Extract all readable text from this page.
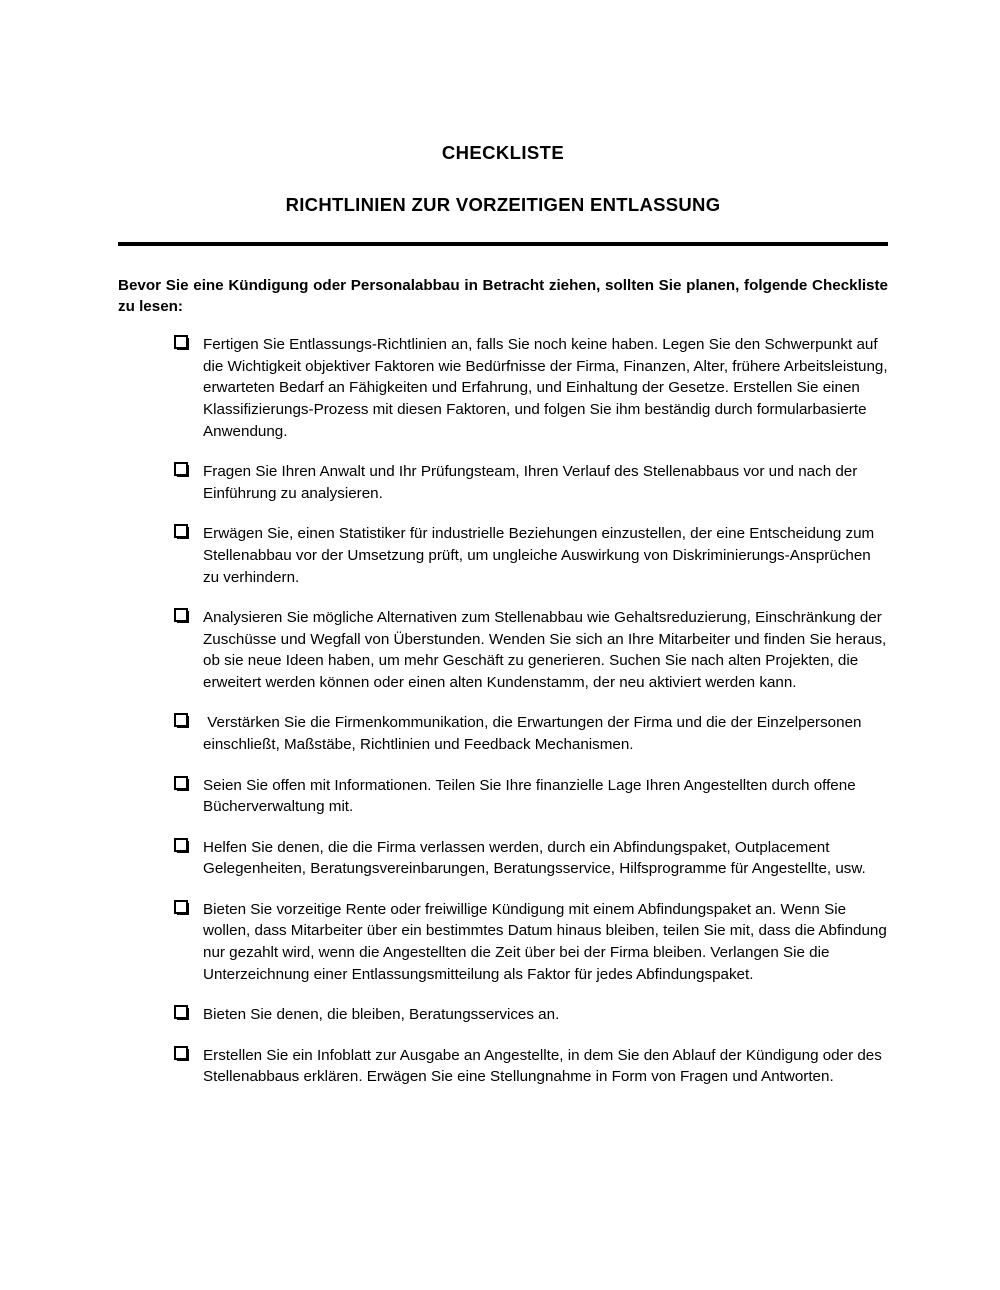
CHECKLISTE
RICHTLINIEN ZUR VORZEITIGEN ENTLASSUNG

Bevor Sie eine Kündigung oder Personalabbau in Betracht ziehen, sollten Sie planen, folgende Checkliste zu lesen:

Fertigen Sie Entlassungs-Richtlinien an, falls Sie noch keine haben. Legen Sie den Schwerpunkt auf die Wichtigkeit objektiver Faktoren wie Bedürfnisse der Firma, Finanzen, Alter, frühere Arbeitsleistung, erwarteten Bedarf an Fähigkeiten und Erfahrung, und Einhaltung der Gesetze. Erstellen Sie einen Klassifizierungs-Prozess mit diesen Faktoren, und folgen Sie ihm beständig durch formularbasierte Anwendung.
Fragen Sie Ihren Anwalt und Ihr Prüfungsteam, Ihren Verlauf des Stellenabbaus vor und nach der Einführung zu analysieren.
Erwägen Sie, einen Statistiker für industrielle Beziehungen einzustellen, der eine Entscheidung zum Stellenabbau vor der Umsetzung prüft, um ungleiche Auswirkung von Diskriminierungs-Ansprüchen zu verhindern.
Analysieren Sie mögliche Alternativen zum Stellenabbau wie Gehaltsreduzierung, Einschränkung der Zuschüsse und Wegfall von Überstunden. Wenden Sie sich an Ihre Mitarbeiter und finden Sie heraus, ob sie neue Ideen haben, um mehr Geschäft zu generieren. Suchen Sie nach alten Projekten, die erweitert werden können oder einen alten Kundenstamm, der neu aktiviert werden kann.
Verstärken Sie die Firmenkommunikation, die Erwartungen der Firma und die der Einzelpersonen einschließt, Maßstäbe, Richtlinien und Feedback Mechanismen.
Seien Sie offen mit Informationen. Teilen Sie Ihre finanzielle Lage Ihren Angestellten durch offene Bücherverwaltung mit.
Helfen Sie denen, die die Firma verlassen werden, durch ein Abfindungspaket, Outplacement Gelegenheiten, Beratungsvereinbarungen, Beratungsservice, Hilfsprogramme für Angestellte, usw.
Bieten Sie vorzeitige Rente oder freiwillige Kündigung mit einem Abfindungspaket an. Wenn Sie wollen, dass Mitarbeiter über ein bestimmtes Datum hinaus bleiben, teilen Sie mit, dass die Abfindung nur gezahlt wird, wenn die Angestellten die Zeit über bei der Firma bleiben. Verlangen Sie die Unterzeichnung einer Entlassungsmitteilung als Faktor für jedes Abfindungspaket.
Bieten Sie denen, die bleiben, Beratungsservices an.
Erstellen Sie ein Infoblatt zur Ausgabe an Angestellte, in dem Sie den Ablauf der Kündigung oder des Stellenabbaus erklären. Erwägen Sie eine Stellungnahme in Form von Fragen und Antworten.
